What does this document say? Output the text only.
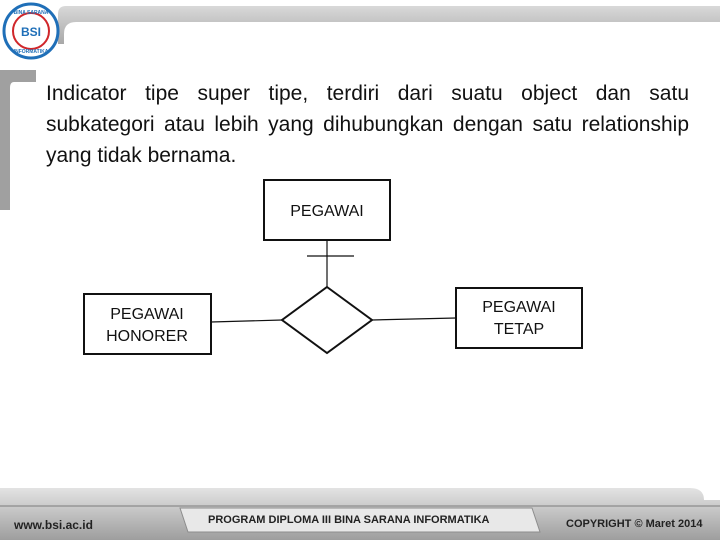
BSI
BINA SARANA
INFORMATIKA
Indicator tipe super tipe, terdiri dari suatu object dan satu subkategori atau lebih yang dihubungkan dengan satu relationship yang tidak bernama.
PEGAWAI
PEGAWAI
HONORER
PEGAWAI
TETAP
www.bsi.ac.id	PROGRAM DIPLOMA III BINA SARANA INFORMATIKA	COPYRIGHT © Maret 2014
